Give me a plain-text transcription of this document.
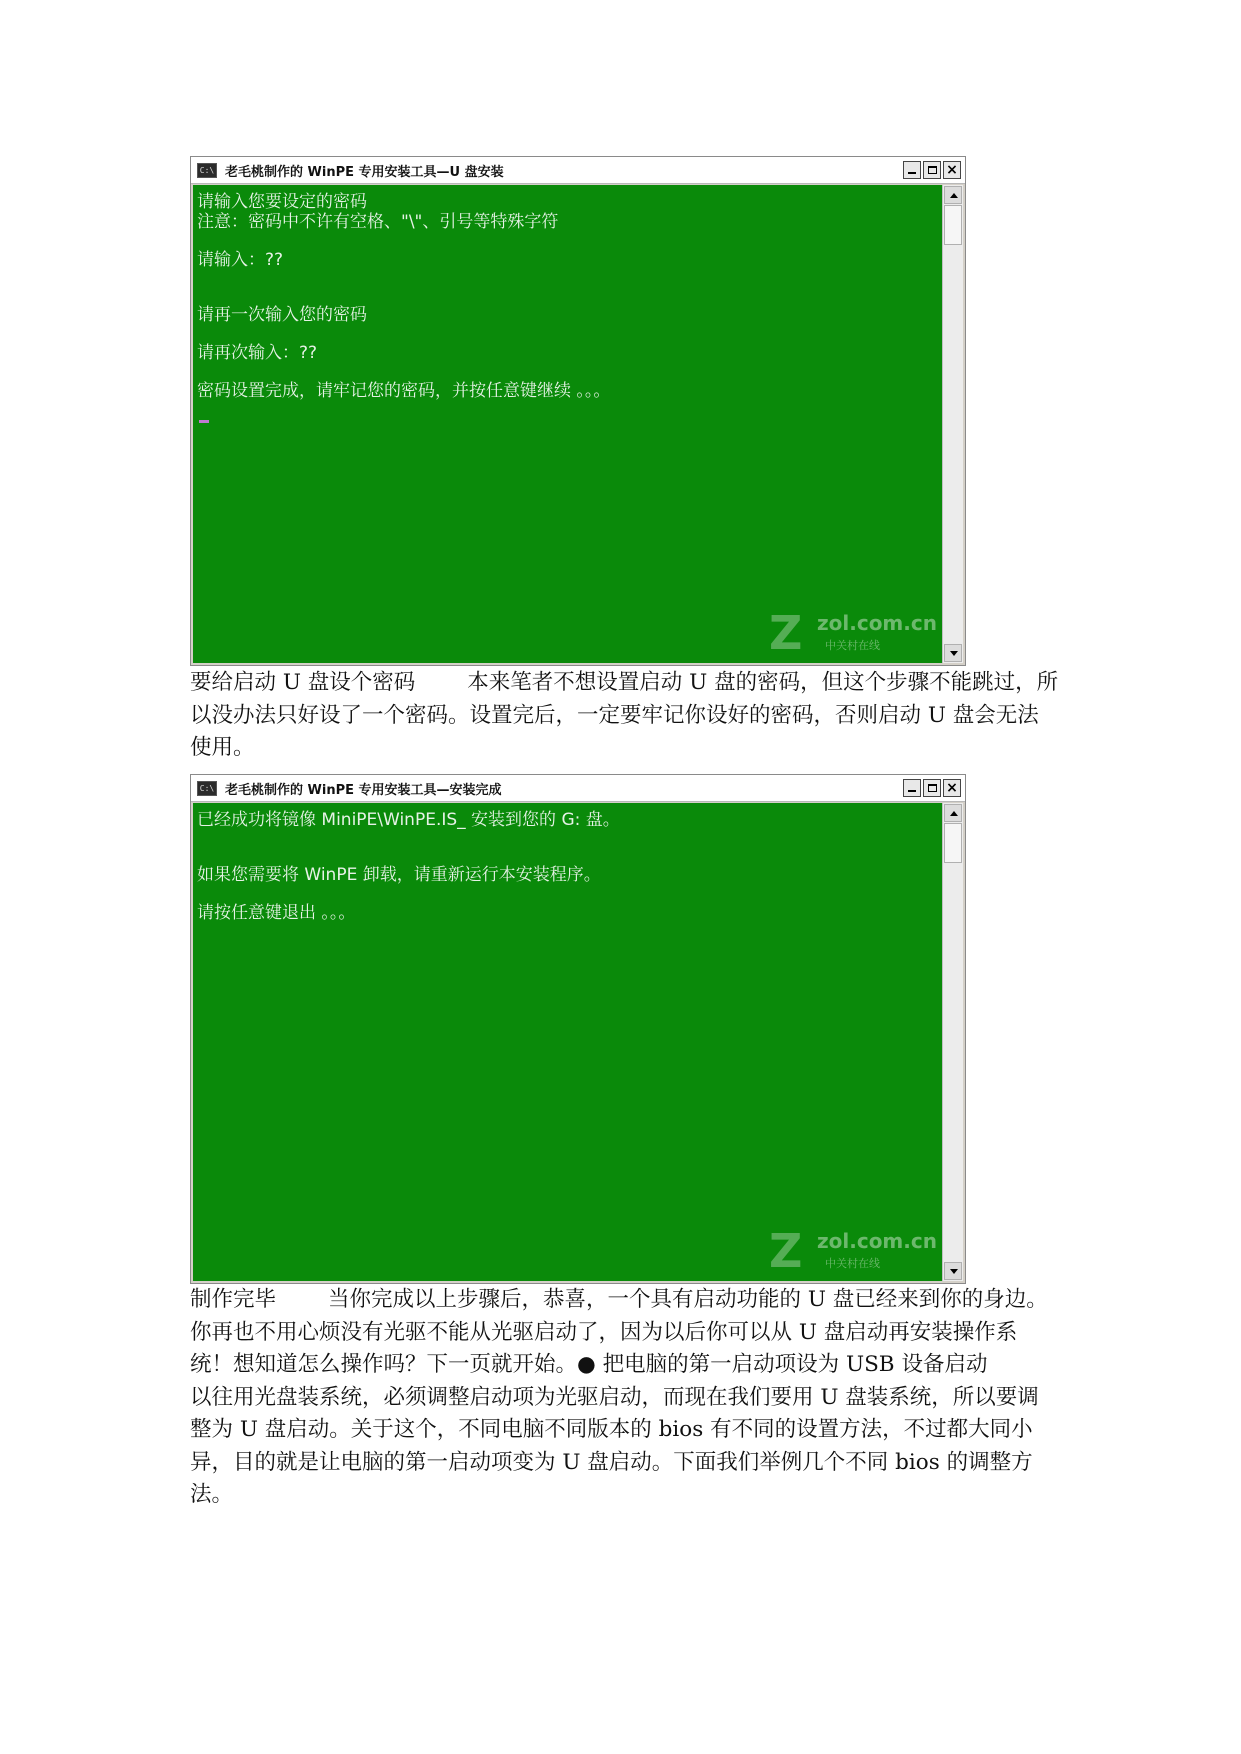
C:\ 老毛桃制作的 WinPE 专用安装工具—U 盘安装	×
请输入您要设定的密码
注意：密码中不许有空格、"\"、引号等特殊字符
请输入：??
请再一次输入您的密码
请再次输入：??
密码设置完成，请牢记您的密码，并按任意键继续 。。。
Z zol.com.cn
中关村在线

要给启动 U 盘设个密码 本来笔者不想设置启动 U 盘的密码，但这个步骤不能跳过，所以没办法只好设了一个密码。设置完后，一定要牢记你设好的密码，否则启动 U 盘会无法使用。

C:\ 老毛桃制作的 WinPE 专用安装工具—安装完成	×
已经成功将镜像 MiniPE\WinPE.IS_ 安装到您的 G: 盘。
如果您需要将 WinPE 卸载，请重新运行本安装程序。
请按任意键退出 。。。
Z zol.com.cn
中关村在线

制作完毕 当你完成以上步骤后，恭喜，一个具有启动功能的 U 盘已经来到你的身边。你再也不用心烦没有光驱不能从光驱启动了，因为以后你可以从 U 盘启动再安装操作系统！想知道怎么操作吗？下一页就开始。● 把电脑的第一启动项设为 USB 设备启动以往用光盘装系统，必须调整启动项为光驱启动，而现在我们要用 U 盘装系统，所以要调整为 U 盘启动。关于这个，不同电脑不同版本的 bios 有不同的设置方法，不过都大同小异，目的就是让电脑的第一启动项变为 U 盘启动。下面我们举例几个不同 bios 的调整方法。
